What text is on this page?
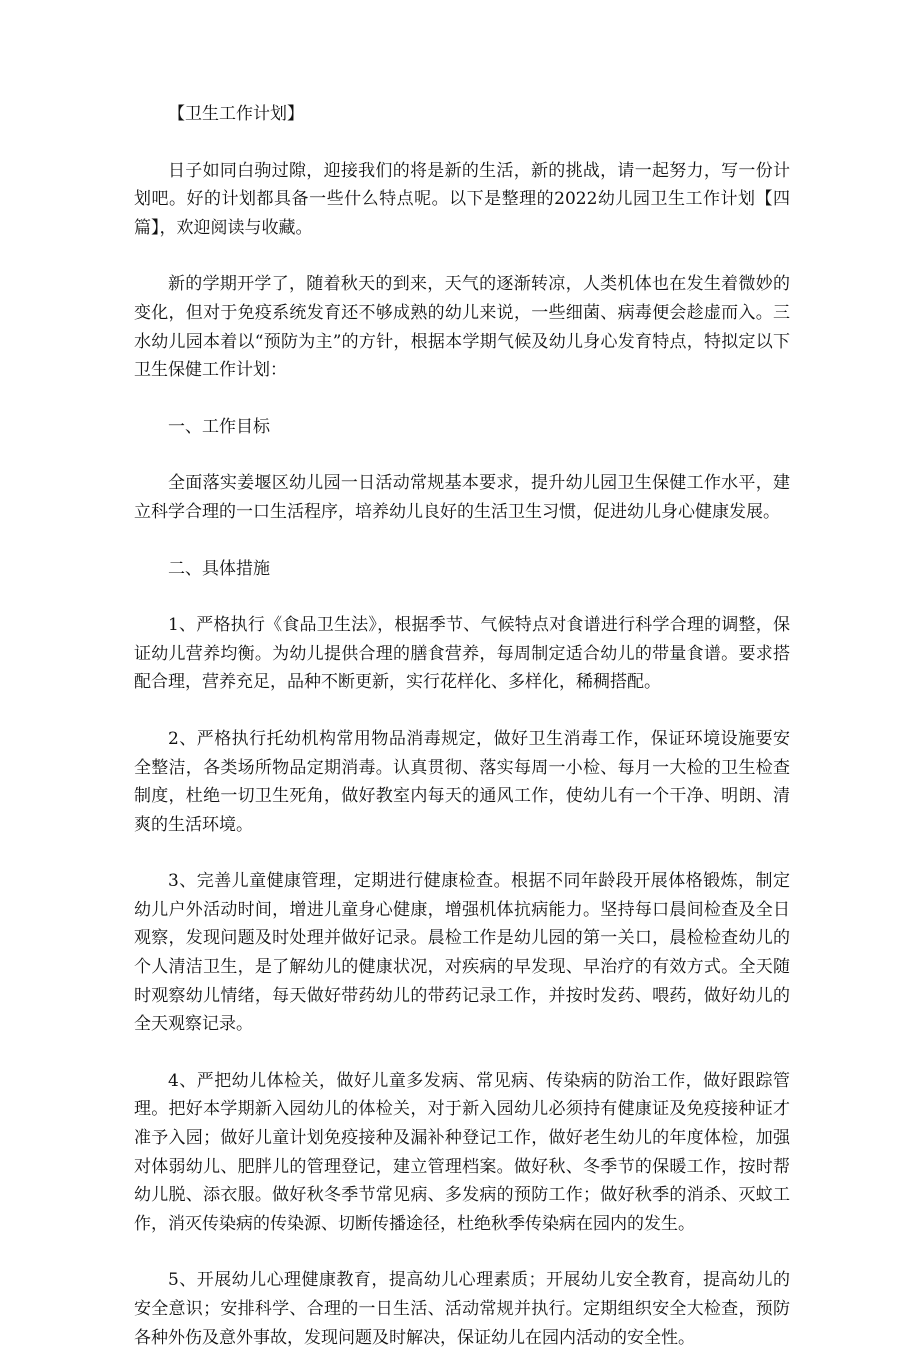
【卫生工作计划】

日子如同白驹过隙，迎接我们的将是新的生活，新的挑战，请一起努力，写一份计划吧。好的计划都具备一些什么特点呢。以下是整理的2022幼儿园卫生工作计划【四篇】，欢迎阅读与收藏。

新的学期开学了，随着秋天的到来，天气的逐渐转凉，人类机体也在发生着微妙的变化，但对于免疫系统发育还不够成熟的幼儿来说，一些细菌、病毒便会趁虚而入。三水幼儿园本着以“预防为主”的方针，根据本学期气候及幼儿身心发育特点，特拟定以下卫生保健工作计划：

一、工作目标

全面落实姜堰区幼儿园一日活动常规基本要求，提升幼儿园卫生保健工作水平，建立科学合理的一口生活程序，培养幼儿良好的生活卫生习惯，促进幼儿身心健康发展。

二、具体措施

1、严格执行《食品卫生法》，根据季节、气候特点对食谱进行科学合理的调整，保证幼儿营养均衡。为幼儿提供合理的膳食营养，每周制定适合幼儿的带量食谱。要求搭配合理，营养充足，品种不断更新，实行花样化、多样化，稀稠搭配。

2、严格执行托幼机构常用物品消毒规定，做好卫生消毒工作，保证环境设施要安全整洁，各类场所物品定期消毒。认真贯彻、落实每周一小检、每月一大检的卫生检查制度，杜绝一切卫生死角，做好教室内每天的通风工作，使幼儿有一个干净、明朗、清爽的生活环境。

3、完善儿童健康管理，定期进行健康检查。根据不同年龄段开展体格锻炼，制定幼儿户外活动时间，增进儿童身心健康，增强机体抗病能力。坚持每口晨间检查及全日观察，发现问题及时处理并做好记录。晨检工作是幼儿园的第一关口，晨检检查幼儿的个人清洁卫生，是了解幼儿的健康状况，对疾病的早发现、早治疗的有效方式。全天随时观察幼儿情绪，每天做好带药幼儿的带药记录工作，并按时发药、喂药，做好幼儿的全天观察记录。

4、严把幼儿体检关，做好儿童多发病、常见病、传染病的防治工作，做好跟踪管理。把好本学期新入园幼儿的体检关，对于新入园幼儿必须持有健康证及免疫接种证才准予入园；做好儿童计划免疫接种及漏补种登记工作，做好老生幼儿的年度体检，加强对体弱幼儿、肥胖儿的管理登记，建立管理档案。做好秋、冬季节的保暖工作，按时帮幼儿脱、添衣服。做好秋冬季节常见病、多发病的预防工作；做好秋季的消杀、灭蚊工作，消灭传染病的传染源、切断传播途径，杜绝秋季传染病在园内的发生。

5、开展幼儿心理健康教育，提高幼儿心理素质；开展幼儿安全教育，提高幼儿的安全意识；安排科学、合理的一日生活、活动常规并执行。定期组织安全大检查，预防各种外伤及意外事故，发现问题及时解决，保证幼儿在园内活动的安全性。
